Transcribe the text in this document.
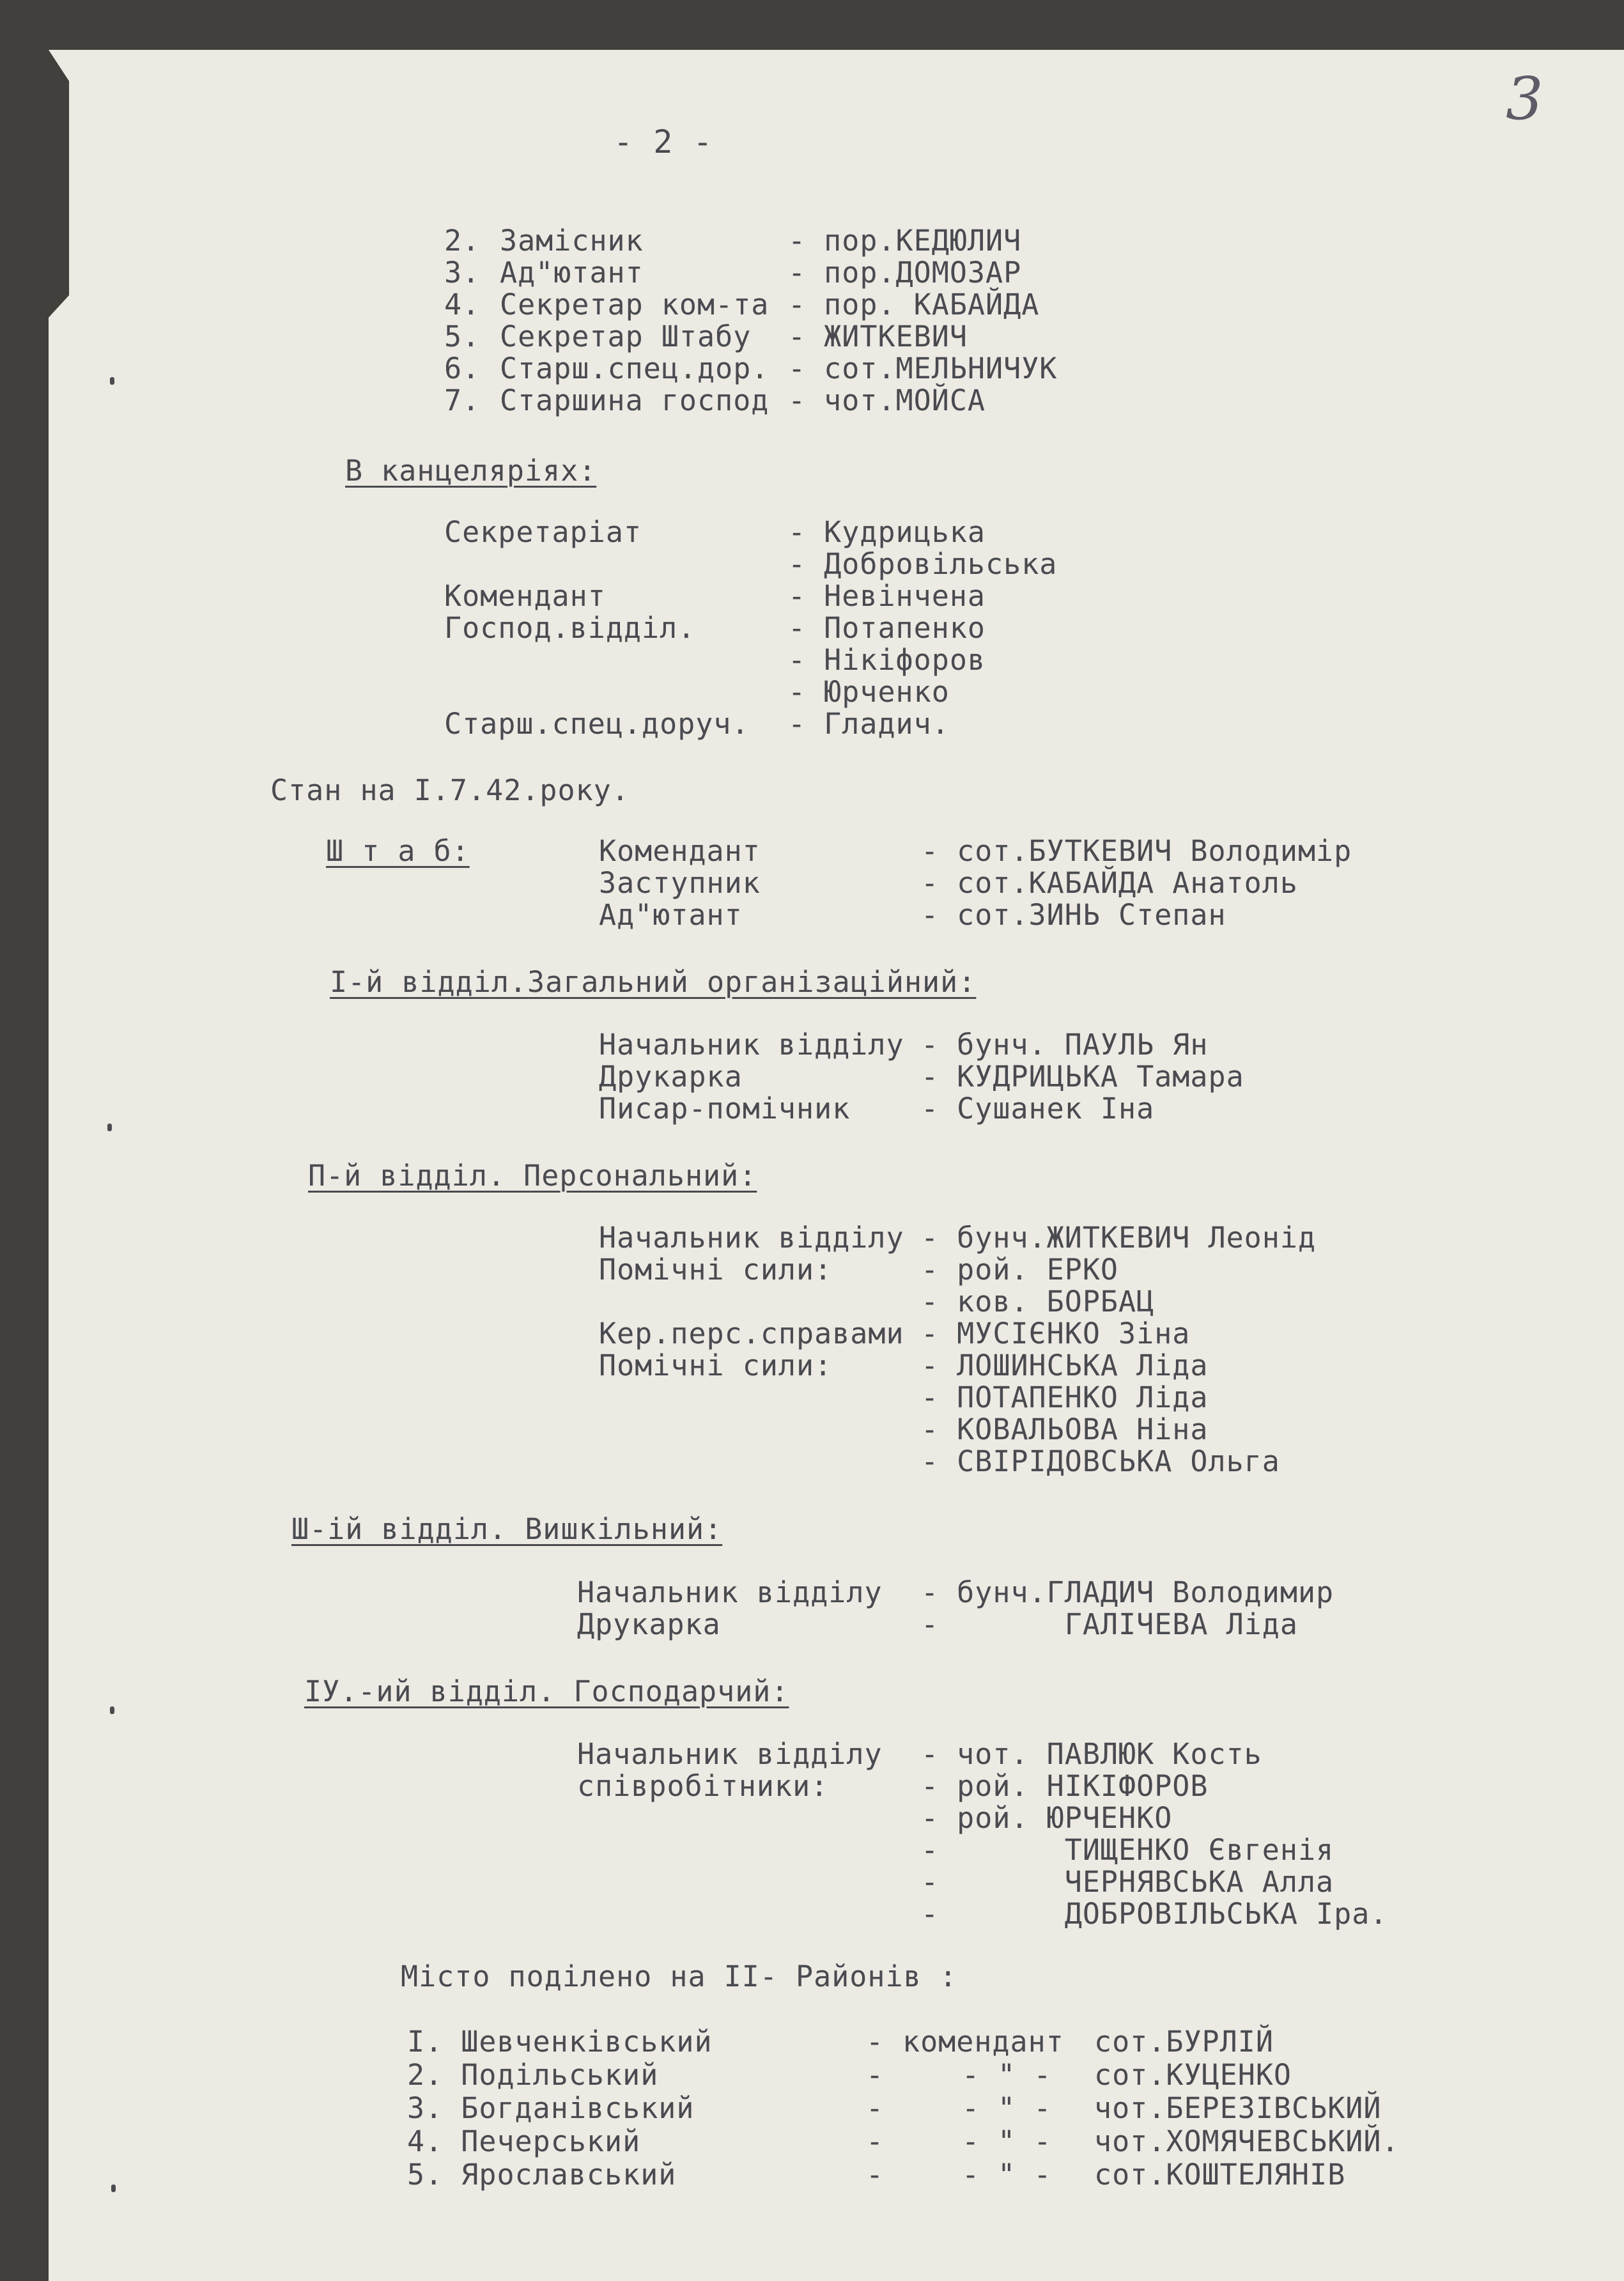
3
- 2 -
2. Замісник	- пор.КЕДЮЛИЧ
3. Ад"ютант	- пор.ДОМОЗАР
4. Секретар ком-та - пор. КАБАЙДА
5. Секретар Штабу - ЖИТКЕВИЧ
6. Старш.спец.дор. - сот.МЕЛЬНИЧУК
7. Старшина господ - чот.МОЙСА
В канцеляріях:
Секретаріат	- Кудрицька
- Добровільська
Комендант	- Невінчена
Господ.відділ.	- Потапенко
- Нікіфоров
- Юрченко
Старш.спец.доруч. - Гладич.
Стан на І.7.42.року.
Ш т а б:	Комендант	- сот.БУТКЕВИЧ Володимір
Заступник	- сот.КАБАЙДА Анатоль
Ад"ютант	- сот.ЗИНЬ Степан
І-й відділ.Загальний організаційний:
Начальник відділу - бунч. ПАУЛЬ Ян
Друкарка	- КУДРИЦЬКА Тамара
Писар-помічник - Сушанек Іна
П-й відділ. Персональний:
Начальник відділу - бунч.ЖИТКЕВИЧ Леонід
Помічні сили:	- рой. ЕРКО
- ков. БОРБАЦ
Кер.перс.справами - МУСІЄНКО Зіна
Помічні сили:	- ЛОШИНСЬКА Ліда
- ПОТАПЕНКО Ліда
- КОВАЛЬОВА Ніна
- СВІРІДОВСЬКА Ольга
Ш-ій відділ. Вишкільний:
Начальник відділу - бунч.ГЛАДИЧ Володимир
Друкарка	-       ГАЛІЧЕВА Ліда
ІУ.-ий відділ. Господарчий:
Начальник відділу - чот. ПАВЛЮК Кость
співробітники:	- рой. НІКІФОРОВ
- рой. ЮРЧЕНКО
-       ТИЩЕНКО Євгенія
-       ЧЕРНЯВСЬКА Алла
-       ДОБРОВІЛЬСЬКА Іра.
Місто поділено на ІІ- Районів :
І. Шевченківський	- комендант сот.БУРЛІЙ
2. Подільський	-	- " - сот.КУЦЕНКО
3. Богданівський	-	- " - чот.БЕРЕЗІВСЬКИЙ
4. Печерський	-	- " - чот.ХОМЯЧЕВСЬКИЙ.
5. Ярославський	-	- " - сот.КОШТЕЛЯНІВ
